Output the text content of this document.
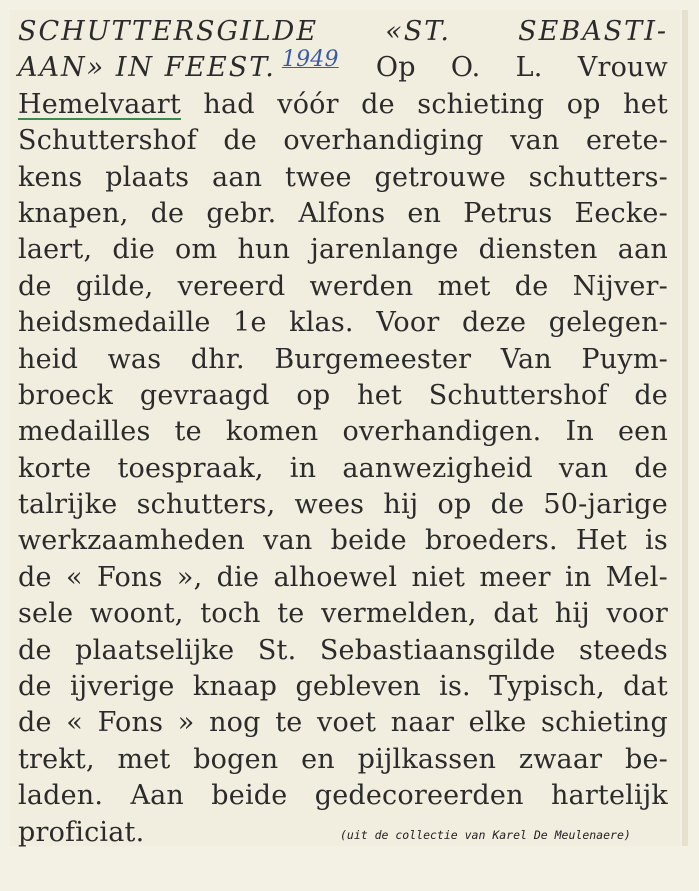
SCHUTTERSGILDE «ST. SEBASTI-
AAN» IN FEEST. 1949 Op O. L. Vrouw
Hemelvaart had vóór de schieting op het
Schuttershof de overhandiging van erete-
kens plaats aan twee getrouwe schutters-
knapen, de gebr. Alfons en Petrus Eecke-
laert, die om hun jarenlange diensten aan
de gilde, vereerd werden met de Nijver-
heidsmedaille 1e klas. Voor deze gelegen-
heid was dhr. Burgemeester Van Puym-
broeck gevraagd op het Schuttershof de
medailles te komen overhandigen. In een
korte toespraak, in aanwezigheid van de
talrijke schutters, wees hij op de 50-jarige
werkzaamheden van beide broeders. Het is
de « Fons », die alhoewel niet meer in Mel-
sele woont, toch te vermelden, dat hij voor
de plaatselijke St. Sebastiaansgilde steeds
de ijverige knaap gebleven is. Typisch, dat
de « Fons » nog te voet naar elke schieting
trekt, met bogen en pijlkassen zwaar be-
laden. Aan beide gedecoreerden hartelijk
proficiat.	(uit de collectie van Karel De Meulenaere)
